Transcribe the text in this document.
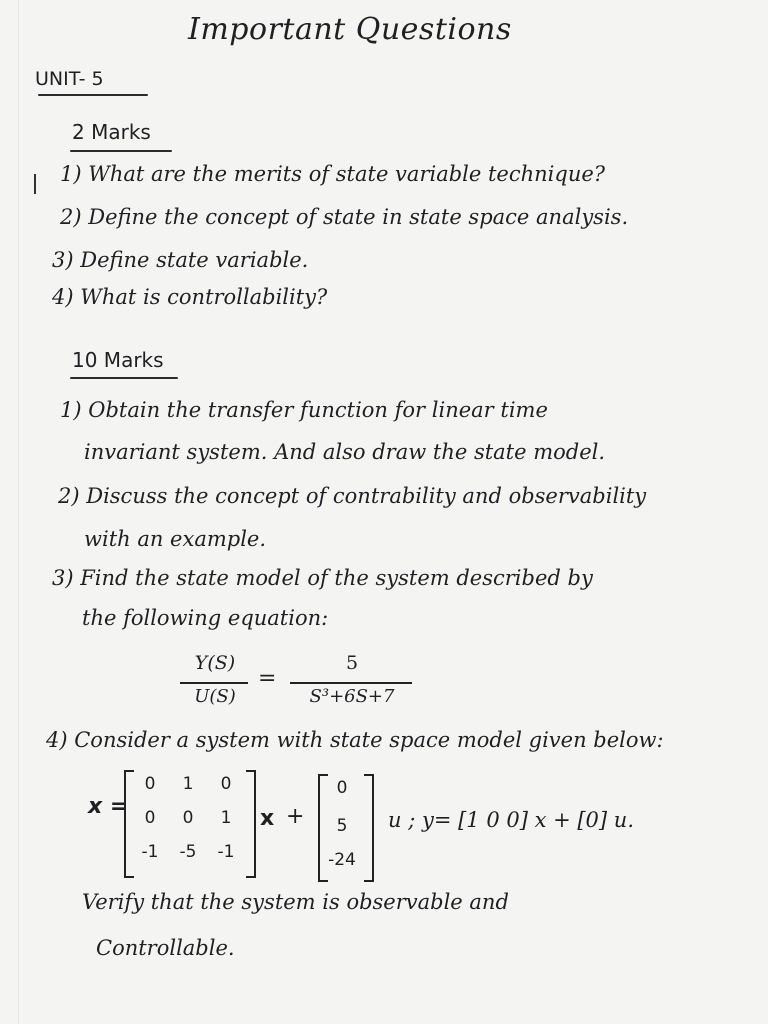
Important Questions
UNIT- 5
2 Marks
1) What are the merits of state variable technique?
2) Define the concept of state in state space analysis.
3) Define state variable.
4) What is controllability?
10 Marks
1) Obtain the transfer function for linear time
invariant system. And also draw the state model.
2) Discuss the concept of contrability and observability
with an example.
3) Find the state model of the system described by
the following equation:
Y(S)
U(S)
=
5
S³+6S+7
4) Consider a system with state space model given below:
x =
0	1	0
0	0	1
-1	-5	-1
x +
0
5
-24
u ; y= [1 0 0] x + [0] u.
Verify that the system is observable and
Controllable.
